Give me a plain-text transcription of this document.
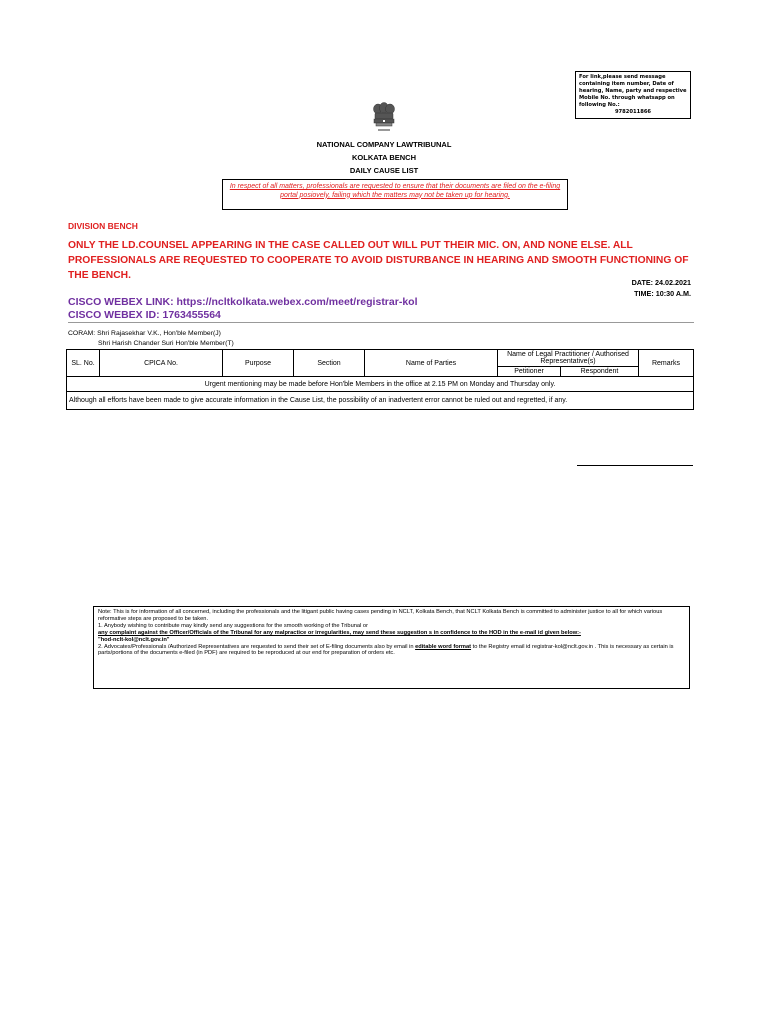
For link,please send message containing item number, Date of hearing, Name, party and respective Mobile No. through whatsapp on following No.:
9782011866
NATIONAL COMPANY LAWTRIBUNAL
KOLKATA BENCH
DAILY CAUSE LIST
In respect of all matters, professionals are requested to ensure that their documents are filed on the e-filing portal posiovely, failing which the matters may not be taken up for hearing.
DIVISION BENCH
ONLY THE LD.COUNSEL APPEARING IN THE CASE CALLED OUT WILL PUT THEIR MIC. ON, AND NONE ELSE. ALL PROFESSIONALS ARE REQUESTED TO COOPERATE TO AVOID DISTURBANCE IN HEARING AND SMOOTH FUNCTIONING OF THE BENCH.
DATE: 24.02.2021
TIME: 10:30 A.M.
CISCO WEBEX LINK: https://ncltkolkata.webex.com/meet/registrar-kol
CISCO WEBEX ID: 1763455564
CORAM: Shri Rajasekhar V.K., Hon'ble Member(J)
Shri Harish Chander Suri Hon'ble Member(T)
SL. No.	CPICA No.	Purpose	Section	Name of Parties	Name of Legal Practitioner / Authorised Representative(s)		Remarks
					Petitioner	Respondent	
Urgent mentioning may be made before Hon'ble Members in the office at 2.15 PM on Monday and Thursday only.							
Although all efforts have been made to give accurate information in the Cause List, the possibility of an inadvertent error cannot be ruled out and regretted, if any.							

Note: This is for information of all concerned, including the professionals and the litigant public having cases pending in NCLT, Kolkata Bench, that NCLT Kolkata Bench is committed to administer justice to all for which various reformative steps are proposed to be taken.

1. Anybody wishing to contribute may kindly send any suggestions for the smooth working of the Tribunal or

any complaint against the Officer/Officials of the Tribunal for any malpractice or irregularities, may send these suggestion s in confidence to the HOD in the e-mail id given below:-

"hod-nclt-kol@nclt.gov.in"

2. Advocates/Professionals /Authorized Representatives are requested to send their set of E-filing documents also by email in editable word format to the Registry email id registrar-kol@nclt.gov.in . This is necessary as certain is parts/portions of the documents e-filed (in PDF) are required to be reproduced at our end for preparation of orders etc.
